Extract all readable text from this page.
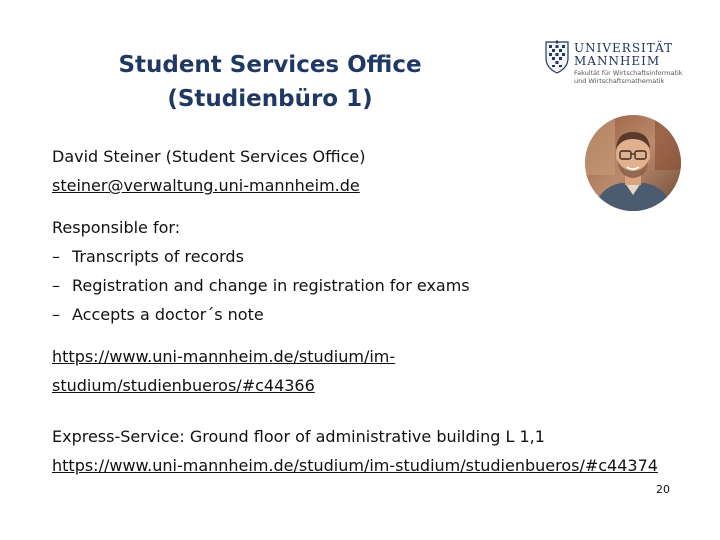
Student Services Office
(Studienbüro 1)
UNIVERSITÄT
MANNHEIM
Fakultät für Wirtschaftsinformatik
und Wirtschaftsmathematik
David Steiner (Student Services Office)
steiner@verwaltung.uni-mannheim.de
Responsible for:
– Transcripts of records
– Registration and change in registration for exams
– Accepts a doctor´s note
https://www.uni-mannheim.de/studium/im-
studium/studienbueros/#c44366
Express-Service: Ground floor of administrative building L 1,1
https://www.uni-mannheim.de/studium/im-studium/studienbueros/#c44374
20
